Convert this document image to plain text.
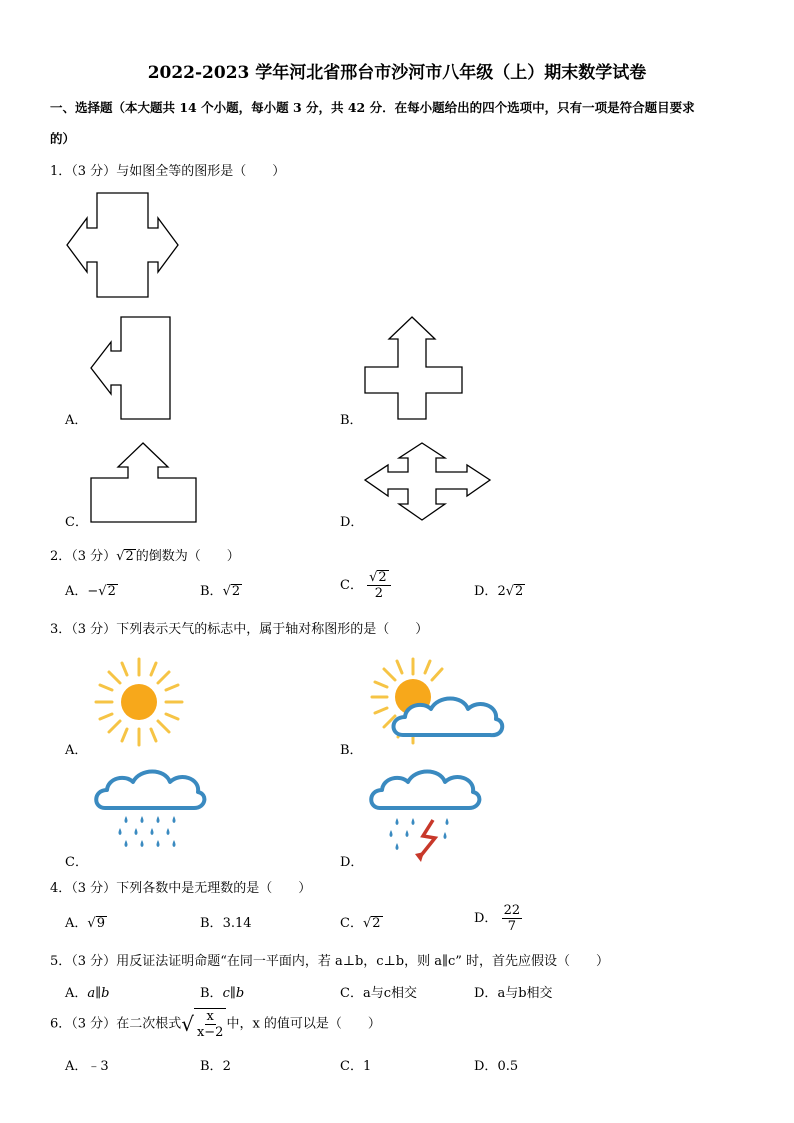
2022-2023 学年河北省邢台市沙河市八年级（上）期末数学试卷
一、选择题（本大题共 14 个小题，每小题 3 分，共 42 分．在每小题给出的四个选项中，只有一项是符合题目要求
的）
1．（3 分）与如图全等的图形是（　　）
A．	B．
C．	D．
2．（3 分）√2 的倒数为（　　）
A．−√2	B．√2	C． $\frac{√2}{2}$	D．2√2
3．（3 分）下列表示天气的标志中，属于轴对称图形的是（　　）
A．	B．
C．	D．
4．（3 分）下列各数中是无理数的是（　　）
A．√9	B．3.14	C．√2	D． $\frac{22}{7}$
5．（3 分）用反证法证明命题“在同一平面内，若 a⊥b，c⊥b，则 a∥c” 时，首先应假设（　　）
A．a∥b	B．c∥b	C．a与c相交	D．a与b相交
6．（3 分）在二次根式√ $\frac{x}{x-2}$ 中，x 的值可以是（　　）
A．﹣3	B．2	C．1	D．0.5
